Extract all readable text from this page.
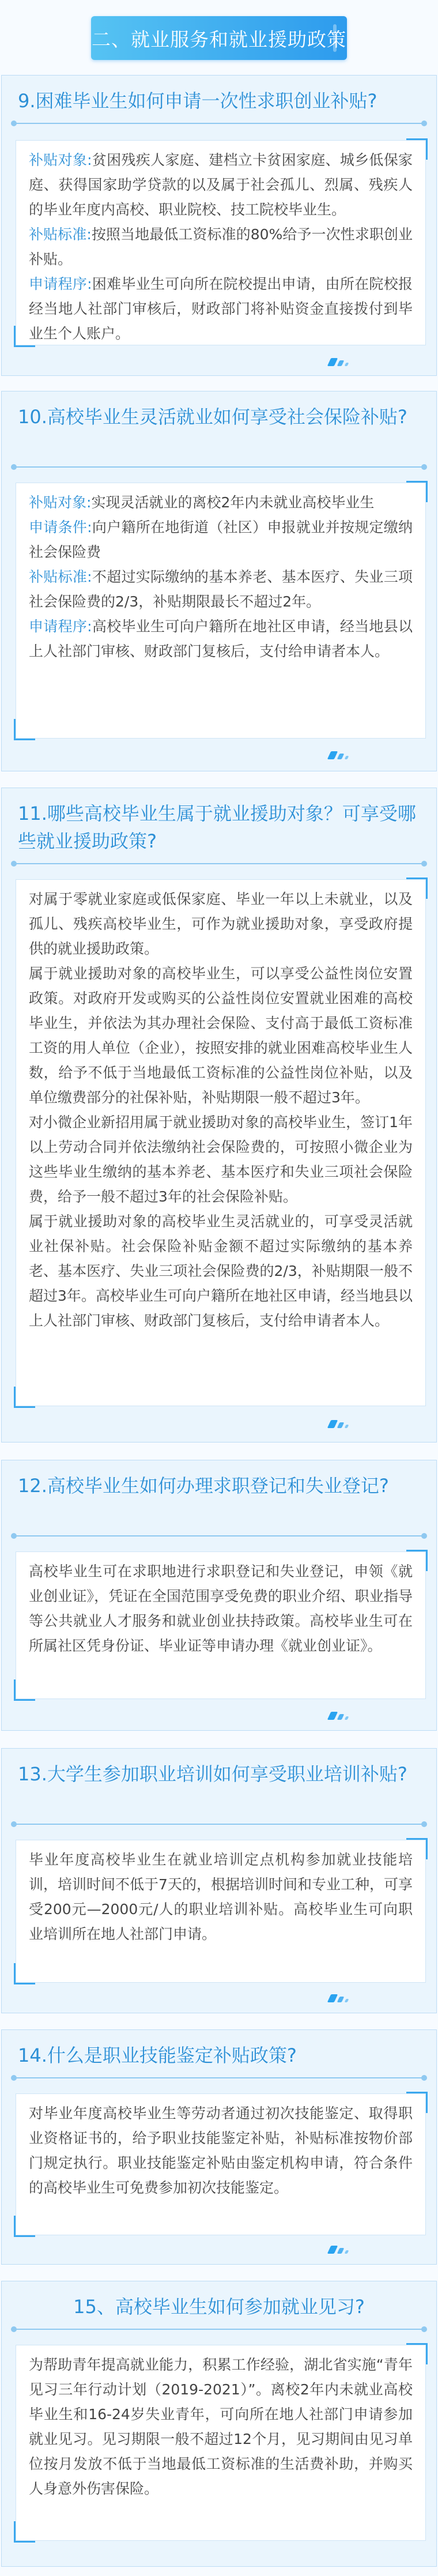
二、就业服务和就业援助政策
9.困难毕业生如何申请一次性求职创业补贴?

补贴对象:贫困残疾人家庭、建档立卡贫困家庭、城乡低保家庭、获得国家助学贷款的以及属于社会孤儿、烈属、残疾人的毕业年度内高校、职业院校、技工院校毕业生。

补贴标准:按照当地最低工资标准的80%给予一次性求职创业补贴。

申请程序:困难毕业生可向所在院校提出申请，由所在院校报经当地人社部门审核后，财政部门将补贴资金直接拨付到毕业生个人账户。

10.高校毕业生灵活就业如何享受社会保险补贴?

补贴对象:实现灵活就业的离校2年内未就业高校毕业生

申请条件:向户籍所在地街道（社区）申报就业并按规定缴纳社会保险费

补贴标准:不超过实际缴纳的基本养老、基本医疗、失业三项社会保险费的2/3，补贴期限最长不超过2年。

申请程序:高校毕业生可向户籍所在地社区申请，经当地县以上人社部门审核、财政部门复核后，支付给申请者本人。

11.哪些高校毕业生属于就业援助对象？可享受哪些就业援助政策?

对属于零就业家庭或低保家庭、毕业一年以上未就业，以及孤儿、残疾高校毕业生，可作为就业援助对象，享受政府提供的就业援助政策。

属于就业援助对象的高校毕业生，可以享受公益性岗位安置政策。对政府开发或购买的公益性岗位安置就业困难的高校毕业生，并依法为其办理社会保险、支付高于最低工资标准工资的用人单位（企业），按照安排的就业困难高校毕业生人数，给予不低于当地最低工资标准的公益性岗位补贴，以及单位缴费部分的社保补贴，补贴期限一般不超过3年。

对小微企业新招用属于就业援助对象的高校毕业生，签订1年以上劳动合同并依法缴纳社会保险费的，可按照小微企业为这些毕业生缴纳的基本养老、基本医疗和失业三项社会保险费，给予一般不超过3年的社会保险补贴。

属于就业援助对象的高校毕业生灵活就业的，可享受灵活就业社保补贴。社会保险补贴金额不超过实际缴纳的基本养老、基本医疗、失业三项社会保险费的2/3，补贴期限一般不超过3年。高校毕业生可向户籍所在地社区申请，经当地县以上人社部门审核、财政部门复核后，支付给申请者本人。

12.高校毕业生如何办理求职登记和失业登记?

高校毕业生可在求职地进行求职登记和失业登记，申领《就业创业证》，凭证在全国范围享受免费的职业介绍、职业指导等公共就业人才服务和就业创业扶持政策。高校毕业生可在所属社区凭身份证、毕业证等申请办理《就业创业证》。

13.大学生参加职业培训如何享受职业培训补贴?

毕业年度高校毕业生在就业培训定点机构参加就业技能培训，培训时间不低于7天的，根据培训时间和专业工种，可享受200元—2000元/人的职业培训补贴。高校毕业生可向职业培训所在地人社部门申请。

14.什么是职业技能鉴定补贴政策?

对毕业年度高校毕业生等劳动者通过初次技能鉴定、取得职业资格证书的，给予职业技能鉴定补贴，补贴标准按物价部门规定执行。职业技能鉴定补贴由鉴定机构申请，符合条件的高校毕业生可免费参加初次技能鉴定。

15、高校毕业生如何参加就业见习?

为帮助青年提高就业能力，积累工作经验，湖北省实施“青年见习三年行动计划（2019-2021）”。离校2年内未就业高校毕业生和16-24岁失业青年，可向所在地人社部门申请参加就业见习。见习期限一般不超过12个月，见习期间由见习单位按月发放不低于当地最低工资标准的生活费补助，并购买人身意外伤害保险。
